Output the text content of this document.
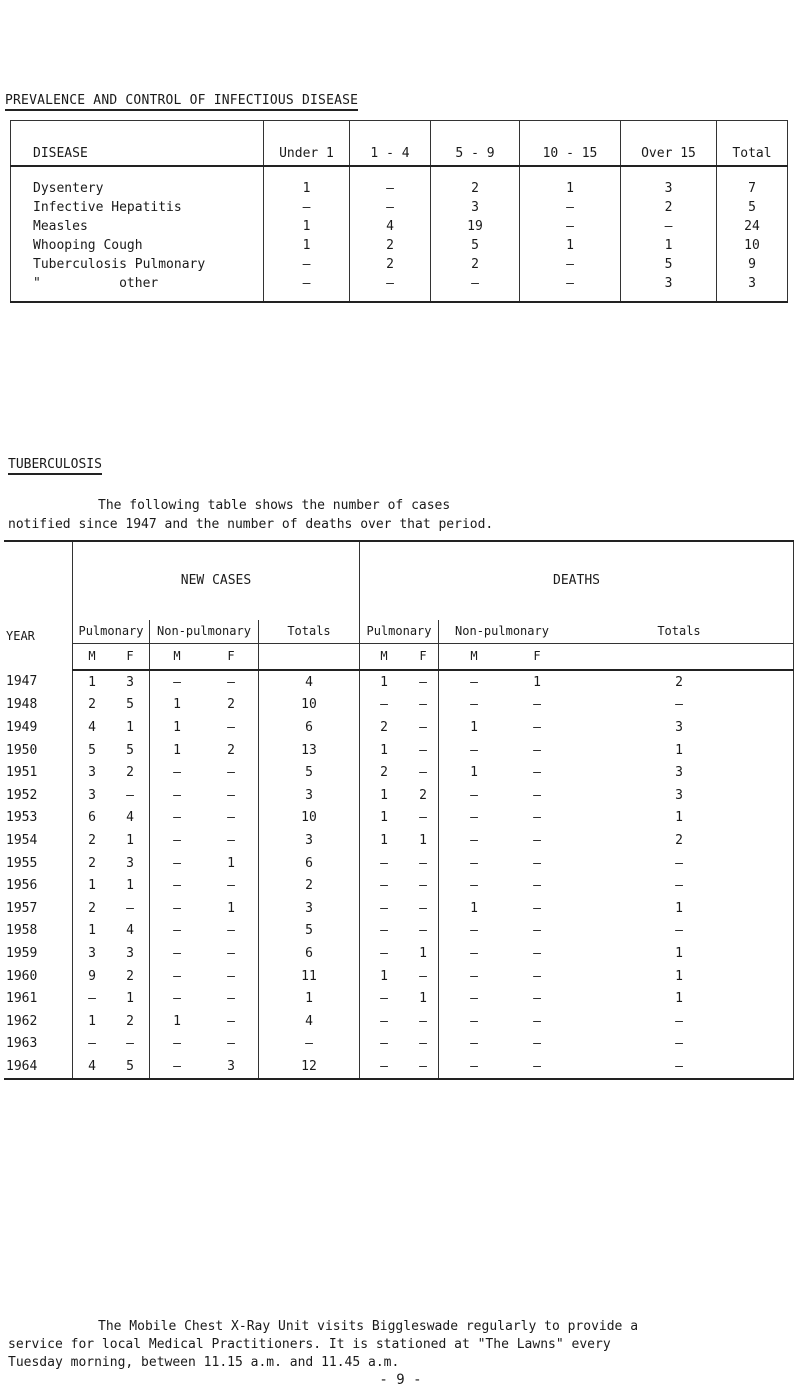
PREVALENCE AND CONTROL OF INFECTIOUS DISEASE
DISEASE	Under 1	1 - 4	5 - 9	10 - 15	Over 15	Total
Dysentery	1	–	2	1	3	7
Infective Hepatitis	–	–	3	–	2	5
Measles	1	4	19	–	–	24
Whooping Cough	1	2	5	1	1	10
Tuberculosis Pulmonary	–	2	2	–	5	9
"          other	–	–	–	–	3	3
TUBERCULOSIS
The following table shows the number of cases
notified since 1947 and the number of deaths over that period.
YEAR	NEW CASES					DEATHS				
	Pulmonary		Non-pulmonary		Totals	Pulmonary		Non-pulmonary		Totals
	M	F	M	F		M	F	M	F	
1947	1	3	–	–	4	1	–	–	1	2
1948	2	5	1	2	10	–	–	–	–	–
1949	4	1	1	–	6	2	–	1	–	3
1950	5	5	1	2	13	1	–	–	–	1
1951	3	2	–	–	5	2	–	1	–	3
1952	3	–	–	–	3	1	2	–	–	3
1953	6	4	–	–	10	1	–	–	–	1
1954	2	1	–	–	3	1	1	–	–	2
1955	2	3	–	1	6	–	–	–	–	–
1956	1	1	–	–	2	–	–	–	–	–
1957	2	–	–	1	3	–	–	1	–	1
1958	1	4	–	–	5	–	–	–	–	–
1959	3	3	–	–	6	–	1	–	–	1
1960	9	2	–	–	11	1	–	–	–	1
1961	–	1	–	–	1	–	1	–	–	1
1962	1	2	1	–	4	–	–	–	–	–
1963	–	–	–	–	–	–	–	–	–	–
1964	4	5	–	3	12	–	–	–	–	–
The Mobile Chest X-Ray Unit visits Biggleswade regularly to provide a
service for local Medical Practitioners. It is stationed at "The Lawns" every
Tuesday morning, between 11.15 a.m. and 11.45 a.m.
- 9 -
